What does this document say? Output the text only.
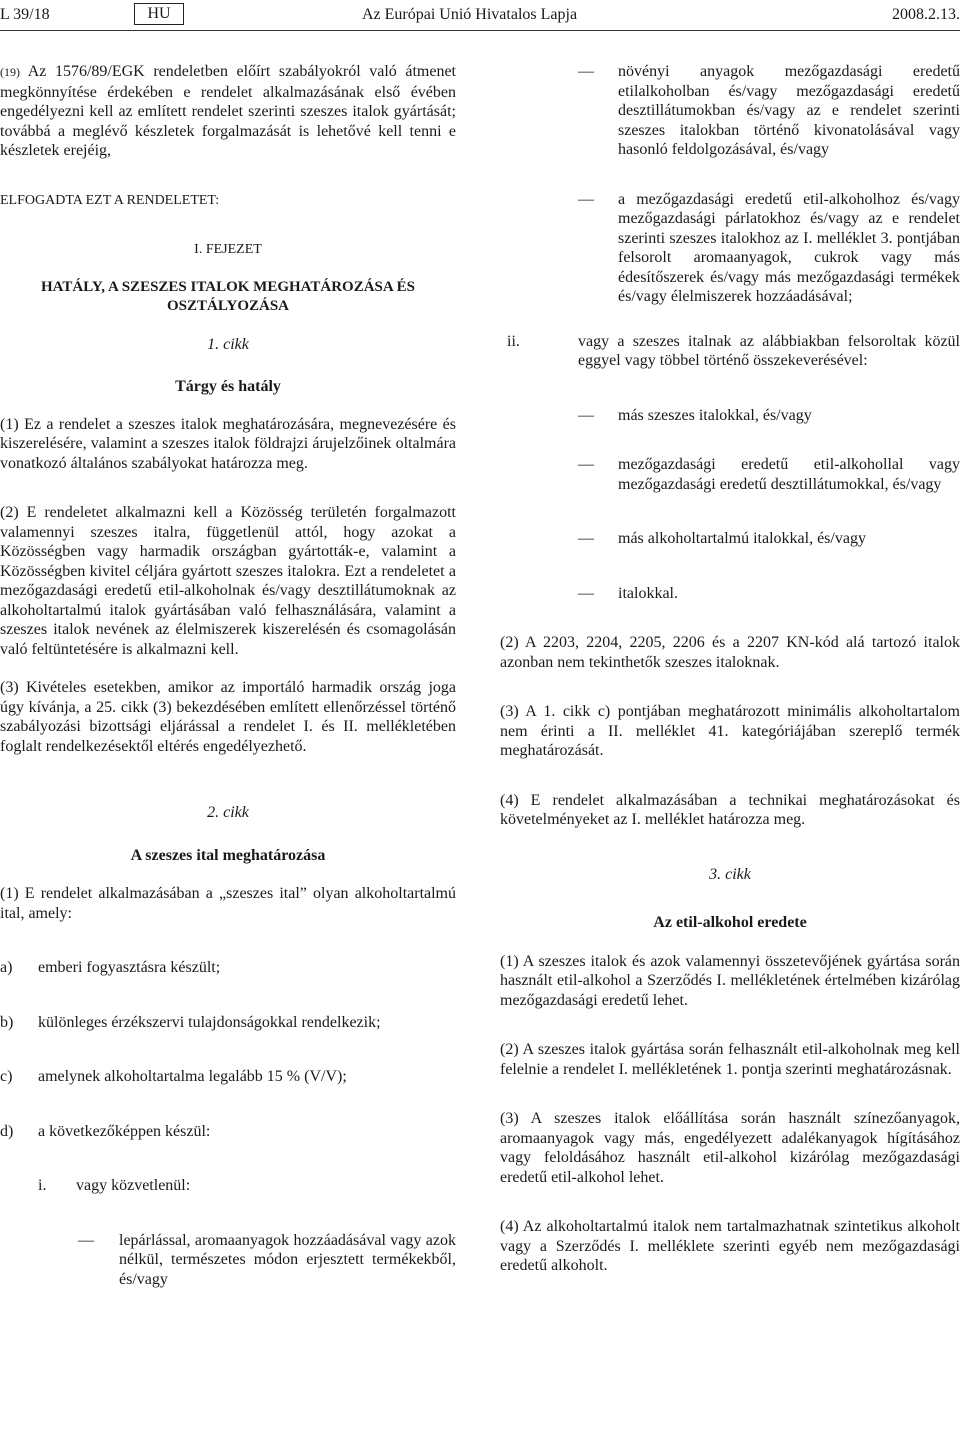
L 39/18	HU	Az Európai Unió Hivatalos Lapja	2008.2.13.

(19) Az 1576/89/EGK rendeletben előírt szabályokról való átmenet megkönnyítése érdekében e rendelet alkalmazásának első évében engedélyezni kell az említett rendelet szerinti szeszes italok gyártását; továbbá a meglévő készletek forgalmazását is lehetővé kell tenni e készletek erejéig,

ELFOGADTA EZT A RENDELETET:

I. FEJEZET

HATÁLY, A SZESZES ITALOK MEGHATÁROZÁSA ÉS OSZTÁLYOZÁSA

1. cikk

Tárgy és hatály

(1) Ez a rendelet a szeszes italok meghatározására, megnevezésére és kiszerelésére, valamint a szeszes italok földrajzi árujelzőinek oltalmára vonatkozó általános szabályokat határozza meg.

(2) E rendeletet alkalmazni kell a Közösség területén forgalmazott valamennyi szeszes italra, függetlenül attól, hogy azokat a Közösségben vagy harmadik országban gyártották-e, valamint a Közösségben kivitel céljára gyártott szeszes italokra. Ezt a rendeletet a mezőgazdasági eredetű etil-alkoholnak és/vagy desztillátumoknak az alkoholtartalmú italok gyártásában való felhasználására, valamint a szeszes italok nevének az élelmiszerek kiszerelésén és csomagolásán való feltüntetésére is alkalmazni kell.

(3) Kivételes esetekben, amikor az importáló harmadik ország joga úgy kívánja, a 25. cikk (3) bekezdésében említett ellenőrzéssel történő szabályozási bizottsági eljárással a rendelet I. és II. mellékletében foglalt rendelkezésektől eltérés engedélyezhető.

2. cikk

A szeszes ital meghatározása

(1) E rendelet alkalmazásában a „szeszes ital” olyan alkoholtartalmú ital, amely:

a) emberi fogyasztásra készült;

b) különleges érzékszervi tulajdonságokkal rendelkezik;

c) amelynek alkoholtartalma legalább 15 % (V/V);

d) a következőképpen készül:

i. vagy közvetlenül:

— lepárlással, aromaanyagok hozzáadásával vagy azok nélkül, természetes módon erjesztett termékekből, és/vagy

— növényi anyagok mezőgazdasági eredetű etilalkoholban és/vagy mezőgazdasági eredetű desztillátumokban és/vagy az e rendelet szerinti szeszes italokban történő kivonatolásával vagy hasonló feldolgozásával, és/vagy

— a mezőgazdasági eredetű etil-alkoholhoz és/vagy mezőgazdasági párlatokhoz és/vagy az e rendelet szerinti szeszes italokhoz az I. melléklet 3. pontjában felsorolt aromaanyagok, cukrok vagy más édesítőszerek és/vagy más mezőgazdasági termékek és/vagy élelmiszerek hozzáadásával;

ii.	vagy a szeszes italnak az alábbiakban felsoroltak közül eggyel vagy többel történő összekeverésével:

— más szeszes italokkal, és/vagy

— mezőgazdasági eredetű etil-alkohollal vagy mezőgazdasági eredetű desztillátumokkal, és/vagy

— más alkoholtartalmú italokkal, és/vagy

— italokkal.

(2) A 2203, 2204, 2205, 2206 és a 2207 KN-kód alá tartozó italok azonban nem tekinthetők szeszes italoknak.

(3) A 1. cikk c) pontjában meghatározott minimális alkoholtartalom nem érinti a II. melléklet 41. kategóriájában szereplő termék meghatározását.

(4) E rendelet alkalmazásában a technikai meghatározásokat és követelményeket az I. melléklet határozza meg.

3. cikk

Az etil-alkohol eredete

(1) A szeszes italok és azok valamennyi összetevőjének gyártása során használt etil-alkohol a Szerződés I. mellékletének értelmében kizárólag mezőgazdasági eredetű lehet.

(2) A szeszes italok gyártása során felhasznált etil-alkoholnak meg kell felelnie a rendelet I. mellékletének 1. pontja szerinti meghatározásnak.

(3) A szeszes italok előállítása során használt színezőanyagok, aromaanyagok vagy más, engedélyezett adalékanyagok hígításához vagy feloldásához használt etil-alkohol kizárólag mezőgazdasági eredetű etil-alkohol lehet.

(4) Az alkoholtartalmú italok nem tartalmazhatnak szintetikus alkoholt vagy a Szerződés I. melléklete szerinti egyéb nem mezőgazdasági eredetű alkoholt.
